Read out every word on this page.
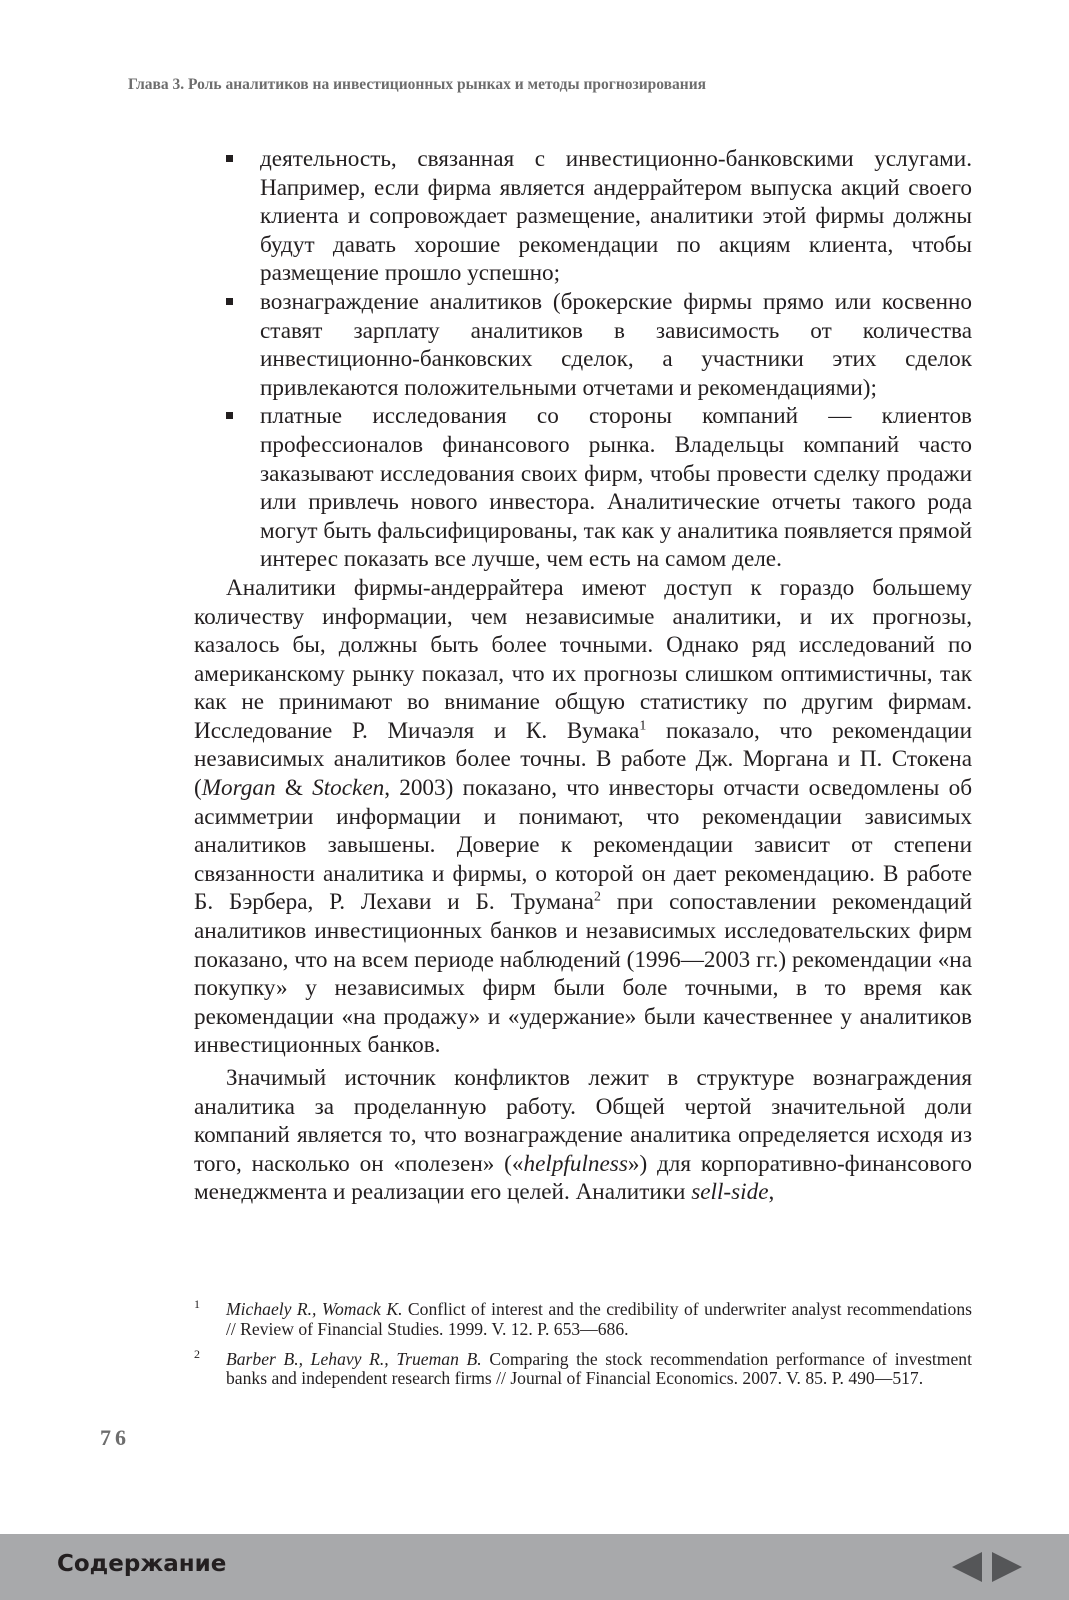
Глава 3. Роль аналитиков на инвестиционных рынках и методы прогнозирования
деятельность, связанная с инвестиционно-банковскими услугами. Например, если фирма является андеррайтером выпуска акций своего клиента и сопровождает размещение, аналитики этой фирмы должны будут давать хорошие рекомендации по акциям клиента, чтобы размещение прошло успешно;
вознаграждение аналитиков (брокерские фирмы прямо или косвенно ставят зарплату аналитиков в зависимость от количества инвестиционно-банковских сделок, а участники этих сделок привлекаются положительными отчетами и рекомендациями);
платные исследования со стороны компаний — клиентов профессионалов финансового рынка. Владельцы компаний часто заказывают исследования своих фирм, чтобы провести сделку продажи или привлечь нового инвестора. Аналитические отчеты такого рода могут быть фальсифицированы, так как у аналитика появляется прямой интерес показать все лучше, чем есть на самом деле.

Аналитики фирмы-андеррайтера имеют доступ к гораздо большему количеству информации, чем независимые аналитики, и их прогнозы, казалось бы, должны быть более точными. Однако ряд исследований по американскому рынку показал, что их прогнозы слишком оптимистичны, так как не принимают во внимание общую статистику по другим фирмам. Исследование Р. Мичаэля и К. Вумака$^1$ показало, что рекомендации независимых аналитиков более точны. В работе Дж. Моргана и П. Стокена (Morgan & Stocken, 2003) показано, что инвесторы отчасти осведомлены об асимметрии информации и понимают, что рекомендации зависимых аналитиков завышены. Доверие к рекомендации зависит от степени связанности аналитика и фирмы, о которой он дает рекомендацию. В работе Б. Бэрбера, Р. Лехави и Б. Трумана$^2$ при сопоставлении рекомендаций аналитиков инвестиционных банков и независимых исследовательских фирм показано, что на всем периоде наблюдений (1996—2003 гг.) рекомендации «на покупку» у независимых фирм были боле точными, в то время как рекомендации «на продажу» и «удержание» были качественнее у аналитиков инвестиционных банков.

Значимый источник конфликтов лежит в структуре вознаграждения аналитика за проделанную работу. Общей чертой значительной доли компаний является то, что вознаграждение аналитика определяется исходя из того, насколько он «полезен» («helpfulness») для корпоративно-финансового менеджмента и реализации его целей. Аналитики sell-side,

1 Michaely R., Womack K. Conflict of interest and the credibility of underwriter analyst recommendations // Review of Financial Studies. 1999. V. 12. P. 653—686.
2 Barber B., Lehavy R., Trueman B. Comparing the stock recommendation performance of investment banks and independent research firms // Journal of Financial Economics. 2007. V. 85. P. 490—517.
76
Содержание
